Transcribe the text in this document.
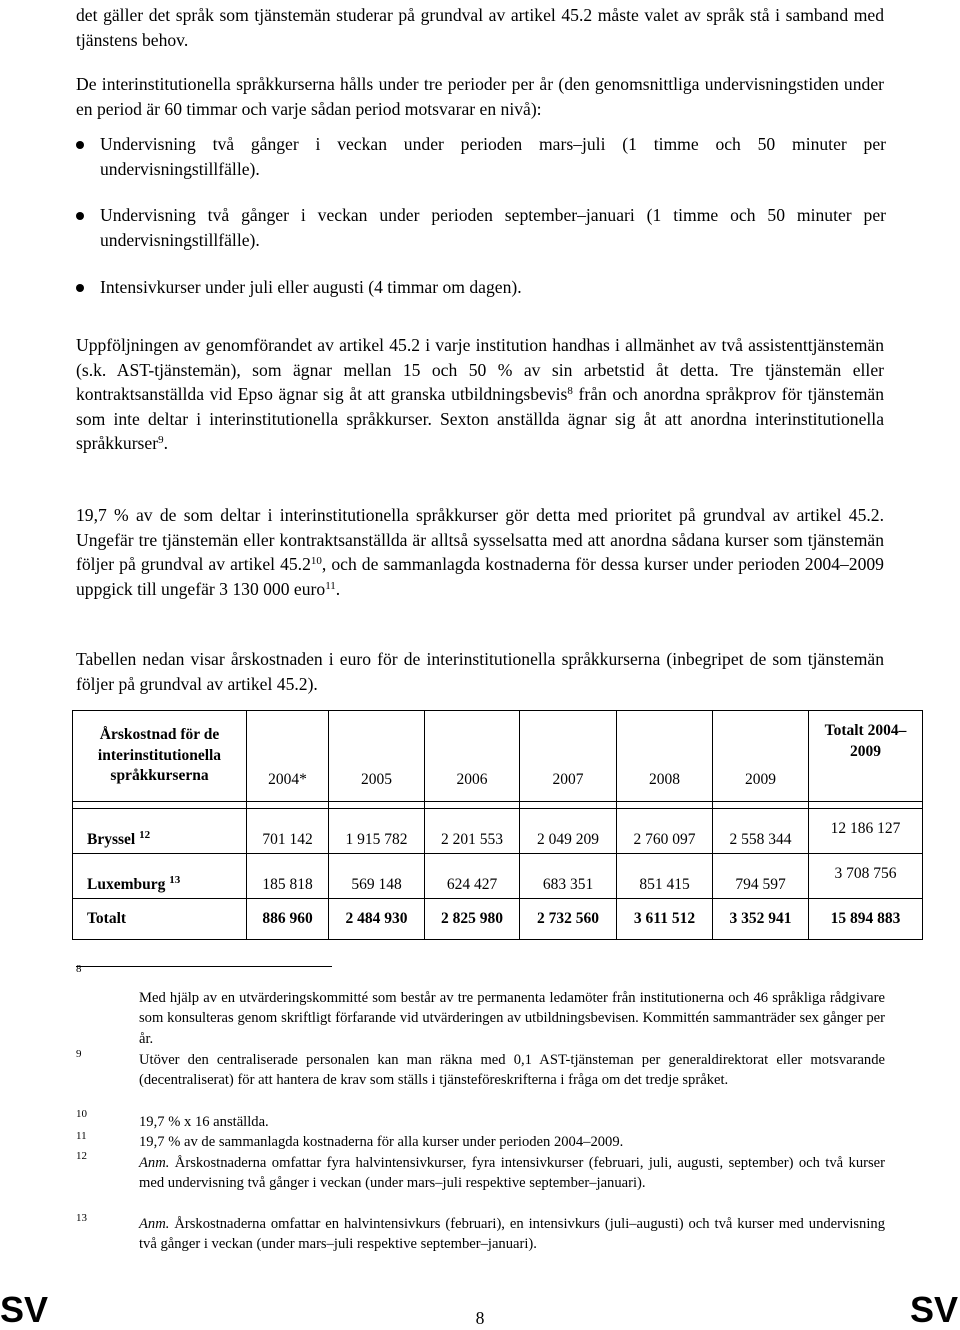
det gäller det språk som tjänstemän studerar på grundval av artikel 45.2 måste valet av språk stå i samband med tjänstens behov.

De interinstitutionella språkkurserna hålls under tre perioder per år (den genomsnittliga undervisningstiden under en period är 60 timmar och varje sådan period motsvarar en nivå):

Undervisning två gånger i veckan under perioden mars–juli (1 timme och 50 minuter per undervisningstillfälle).

Undervisning två gånger i veckan under perioden september–januari (1 timme och 50 minuter per undervisningstillfälle).

Intensivkurser under juli eller augusti (4 timmar om dagen).

Uppföljningen av genomförandet av artikel 45.2 i varje institution handhas i allmänhet av två assistenttjänstemän (s.k. AST-tjänstemän), som ägnar mellan 15 och 50 % av sin arbetstid åt detta. Tre tjänstemän eller kontraktsanställda vid Epso ägnar sig åt att granska utbildningsbevis$^8$ från och anordna språkprov för tjänstemän som inte deltar i interinstitutionella språkkurser. Sexton anställda ägnar sig åt att anordna interinstitutionella språkkurser$^9$.

19,7 % av de som deltar i interinstitutionella språkkurser gör detta med prioritet på grundval av artikel 45.2. Ungefär tre tjänstemän eller kontraktsanställda är alltså sysselsatta med att anordna sådana kurser som tjänstemän följer på grundval av artikel 45.2$^{10}$, och de sammanlagda kostnaderna för dessa kurser under perioden 2004–2009 uppgick till ungefär 3 130 000 euro$^{11}$.

Tabellen nedan visar årskostnaden i euro för de interinstitutionella språkkurserna (inbegripet de som tjänstemän följer på grundval av artikel 45.2).

Årskostnad för de interinstitutionella språkkurserna	2004*	2005	2006	2007	2008	2009	Totalt 2004–2009

Bryssel $^{12}$	701 142	1 915 782	2 201 553	2 049 209	2 760 097	2 558 344	12 186 127
Luxemburg $^{13}$	185 818	569 148	624 427	683 351	851 415	794 597	3 708 756
Totalt	886 960	2 484 930	2 825 980	2 732 560	3 611 512	3 352 941	15 894 883
8

Med hjälp av en utvärderingskommitté som består av tre permanenta ledamöter från institutionerna och 46 språkliga rådgivare som konsulteras genom skriftligt förfarande vid utvärderingen av utbildningsbevisen. Kommittén sammanträder sex gånger per år.

9	Utöver den centraliserade personalen kan man räkna med 0,1 AST-tjänsteman per generaldirektorat eller motsvarande (decentraliserat) för att hantera de krav som ställs i tjänsteföreskrifterna i fråga om det tredje språket.

10	19,7 % x 16 anställda.

11	19,7 % av de sammanlagda kostnaderna för alla kurser under perioden 2004–2009.

12	Anm. Årskostnaderna omfattar fyra halvintensivkurser, fyra intensivkurser (februari, juli, augusti, september) och två kurser med undervisning två gånger i veckan (under mars–juli respektive september–januari).

13	Anm. Årskostnaderna omfattar en halvintensivkurs (februari), en intensivkurs (juli–augusti) och två kurser med undervisning två gånger i veckan (under mars–juli respektive september–januari).

SV	8	SV
